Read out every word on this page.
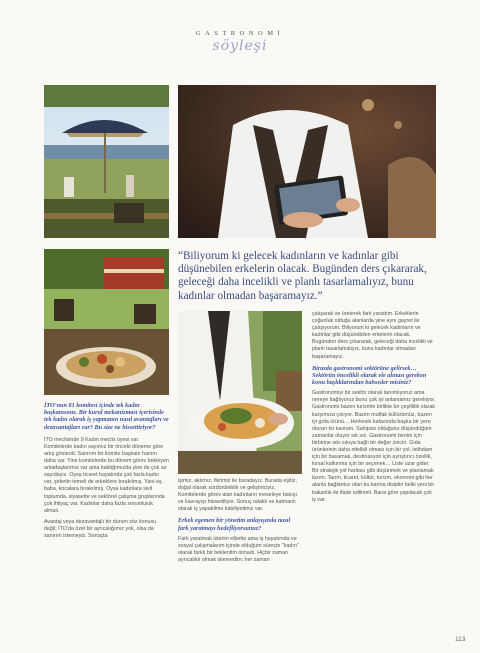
GASTRONOMİ
söyleşi
“Biliyorum ki gelecek kadınların ve kadınlar gibi düşünebilen erkelerin olacak. Bugünden ders çıkararak, geleceği daha incelikli ve planlı tasarlamalıyız, bunu kadınlar olmadan başaramayız.”
İTO’nun 81 komitesi içinde tek kadın başkanısınız. Bir kurul mekanizması içerisinde tek kadın olarak iş yapmanın nasıl avantajları ve dezavantajları var? Bu size ne hissettiriyor?

İTO meclisinde 9 Kadın meclis üyesi var. Komitelerde kadın sayımız bir önceki döneme göre artış gösterdi. Sanırım bir komite başkanı hanım daha var. Yine komitelerde bu dönem görev bekleyen arkadaşlarımız var ama baktığımızda yine de çok az sayıdayız. Oysa ticaret hayatında çok fazla kadın var, şirketin temeli de erkeklere bırakılmış. Yani eş, baba, kocalara bırakılmış. Oysa kadınlara sivil toplumda, siyasette ve sektörel çalışma gruplarında çok ihtiyaç var. Kadınlar daha fazla sorumluluk almalı.

Avantaj veya dezavantajlı bir durum söz konusu değil; İTO’da özel bir ayrıcalığımız yok, olsa da sanırım istemeyiz. Sonuçta

işimiz, aklımız, fikrimiz ile buradayız. Burada eşitiz, doğal olarak sürdürülebilir ve geliştiriciyiz. Komitelerde görev alan kadınların meseleye bakışı ve kavrayışı hissediliyor. Sonuç odaklı ve katmanlı olarak iş yapabilme kabiliyetimiz var.

Erkek egemen bir yönetim anlayışında nasıl fark yaratmayı hedefliyorsunuz?

Fark yaratmak isterim elbette ama iş hayatımda ve sosyal çalışmalarım içinde olduğum süreçte "kadın" olarak farklı bir beklentim olmadı. Hiçbir zaman ayrıcalıklı olmak istemedim; her zaman

çalışarak ve üreterek fark yarattım. Erkeklerin çoğunluk olduğu alanlarda yine aynı gayret ile çalışıyorum. Biliyorum ki gelecek kadınların ve kadınlar gibi düşünebilen erkelerin olacak. Bugünden ders çıkararak, geleceği daha incelikli ve planlı tasarlamalıyız, bunu kadınlar olmadan başaramayız.

Birazda gastronomi sektörüne gelirsek… Sektörün öncelikli olarak ele alınası gereken konu başlıklarından bahseder misiniz?

Gastronomiyi bir sektör olarak tanımlıyoruz ama nereye bağlıyoruz bunu çok iyi anlamamız gerekiyor. Gastronomi bazen turizmle birlikte bir çeşitlilik olarak karşımıza çıkıyor. Bazen mutfak kültürümüz, bazen iyi gıda ürünü… Herkesin kafasında başka bir yere oturan bir kavram. Sahipsiz olduğunu düşündüğüm zamanlar oluyor sık sık. Gastronomi benim için birbirine sıkı sıkıya bağlı bir değer zinciri. Gıda ürünlerinin daha nitelikli olması için bir yol, istihdam için bir basamak, destinasyon için ayrıştırıcı özellik, kırsal kalkınma için bir seçenek… Liste uzar gider. Bir stratejik yol haritası gibi düşünmek ve planlamak lazım. Tarım, ticaret, kültür, turizm, ekonomi gibi her alanla bağlantısı olan bu karma disiplin belki yeni bir bakanlık ile ifade edilmeli. Bana göre yapılacak çok iş var.

113
